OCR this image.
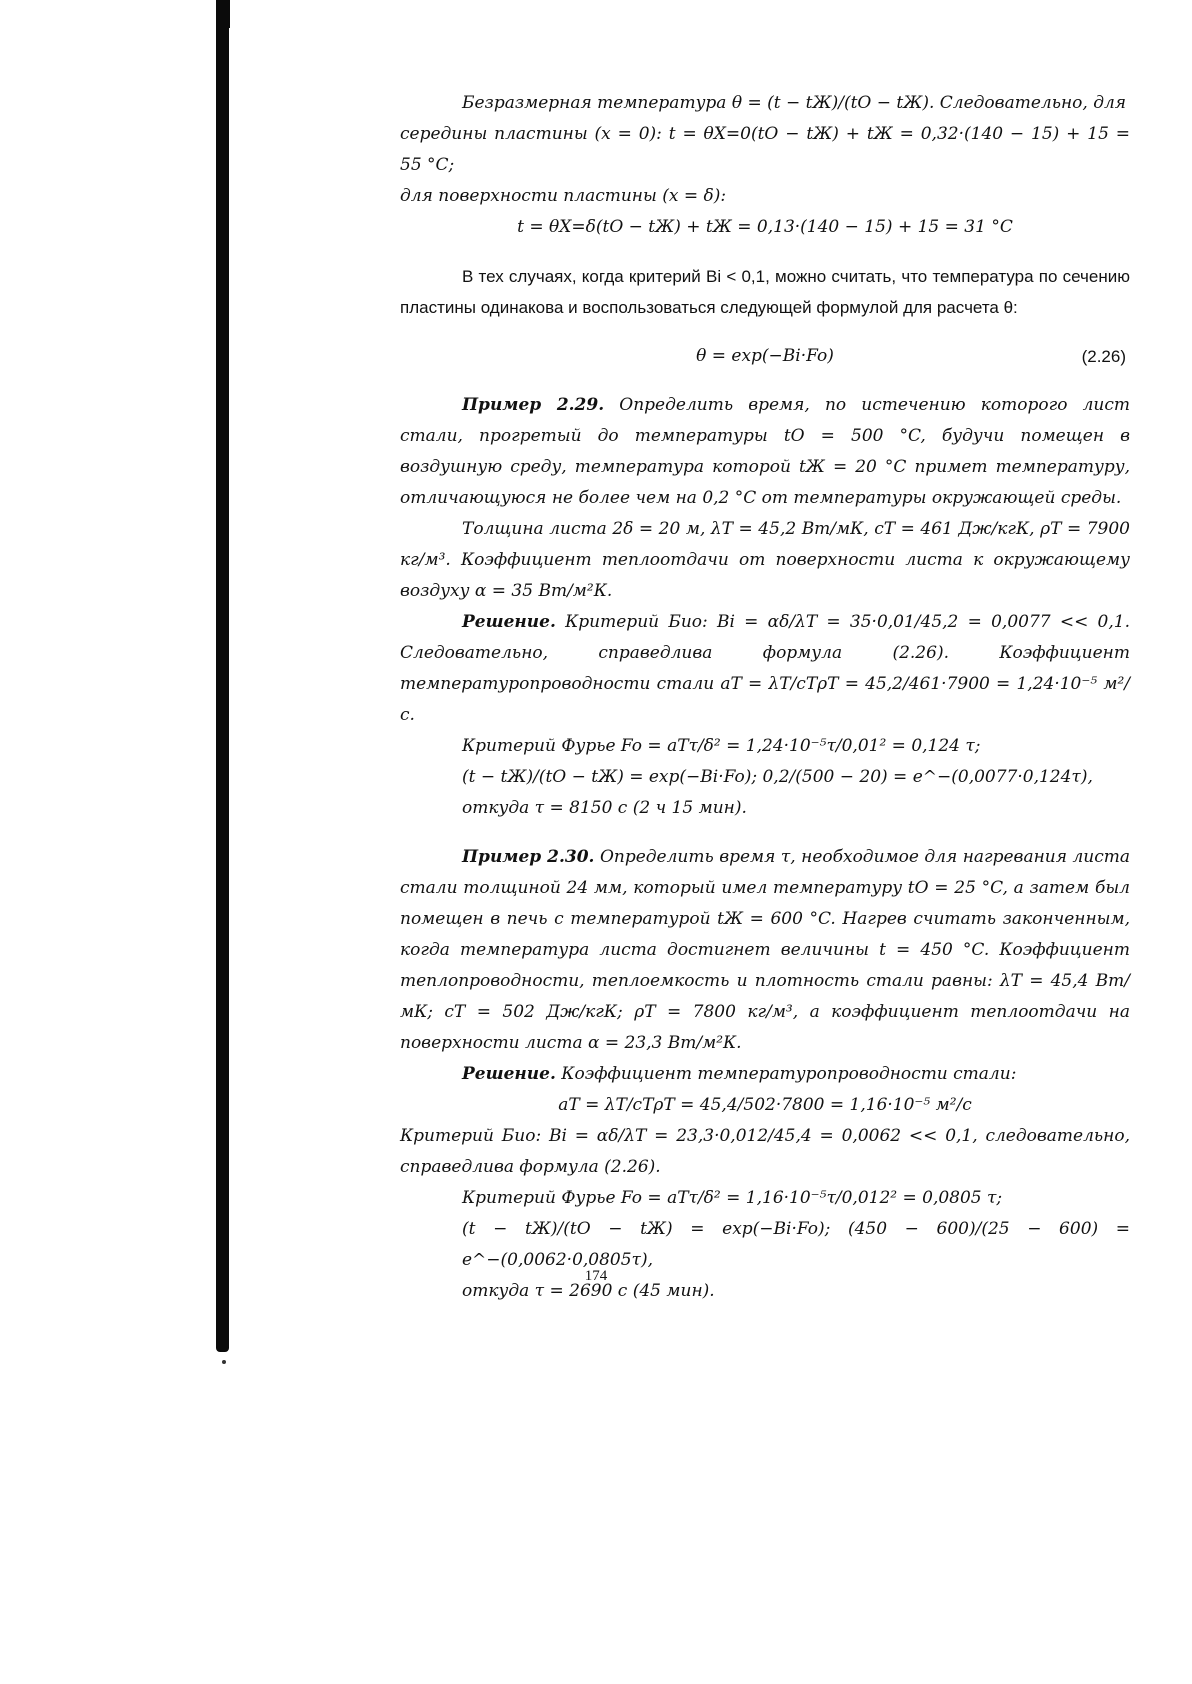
Безразмерная температура θ = (t − tЖ)/(tO − tЖ). Следовательно, для
середины пластины (x = 0): t = θX=0(tO − tЖ) + tЖ = 0,32·(140 − 15) + 15 = 55 °C;
для поверхности пластины (x = δ):

t = θX=δ(tO − tЖ) + tЖ = 0,13·(140 − 15) + 15 = 31 °C

В тех случаях, когда критерий Bi < 0,1, можно считать, что температура по сечению пластины одинакова и воспользоваться следующей формулой для расчета θ:

θ = exp(−Bi·Fo)	(2.26)

Пример 2.29. Определить время, по истечению которого лист стали, прогретый до температуры tO = 500 °C, будучи помещен в воздушную среду, температура которой tЖ = 20 °C примет температуру, отличающуюся не более чем на 0,2 °C от температуры окружающей среды.

Толщина листа 2δ = 20 м, λT = 45,2 Вт/мК, cT = 461 Дж/кгК, ρT = 7900 кг/м³. Коэффициент теплоотдачи от поверхности листа к окружающему воздуху α = 35 Вт/м²К.

Решение. Критерий Био: Bi = αδ/λT = 35·0,01/45,2 = 0,0077 << 0,1. Следовательно, справедлива формула (2.26). Коэффициент температуропроводности стали aT = λT/cTρT = 45,2/461·7900 = 1,24·10⁻⁵ м²/с.

Критерий Фурье Fo = aTτ/δ² = 1,24·10⁻⁵τ/0,01² = 0,124 τ;

(t − tЖ)/(tO − tЖ) = exp(−Bi·Fo); 0,2/(500 − 20) = e^−(0,0077·0,124τ),

откуда τ = 8150 с (2 ч 15 мин).

Пример 2.30. Определить время τ, необходимое для нагревания листа стали толщиной 24 мм, который имел температуру tO = 25 °C, а затем был помещен в печь с температурой tЖ = 600 °C. Нагрев считать законченным, когда температура листа достигнет величины t = 450 °C. Коэффициент теплопроводности, теплоемкость и плотность стали равны: λT = 45,4 Вт/мК; cT = 502 Дж/кгК; ρT = 7800 кг/м³, а коэффициент теплоотдачи на поверхности листа α = 23,3 Вт/м²К.

Решение. Коэффициент температуропроводности стали:

aT = λT/cTρT = 45,4/502·7800 = 1,16·10⁻⁵ м²/с

Критерий Био: Bi = αδ/λT = 23,3·0,012/45,4 = 0,0062 << 0,1, следовательно, справедлива формула (2.26).

Критерий Фурье Fo = aTτ/δ² = 1,16·10⁻⁵τ/0,012² = 0,0805 τ;

(t − tЖ)/(tO − tЖ) = exp(−Bi·Fo); (450 − 600)/(25 − 600) = e^−(0,0062·0,0805τ),

откуда τ = 2690 с (45 мин).

174
